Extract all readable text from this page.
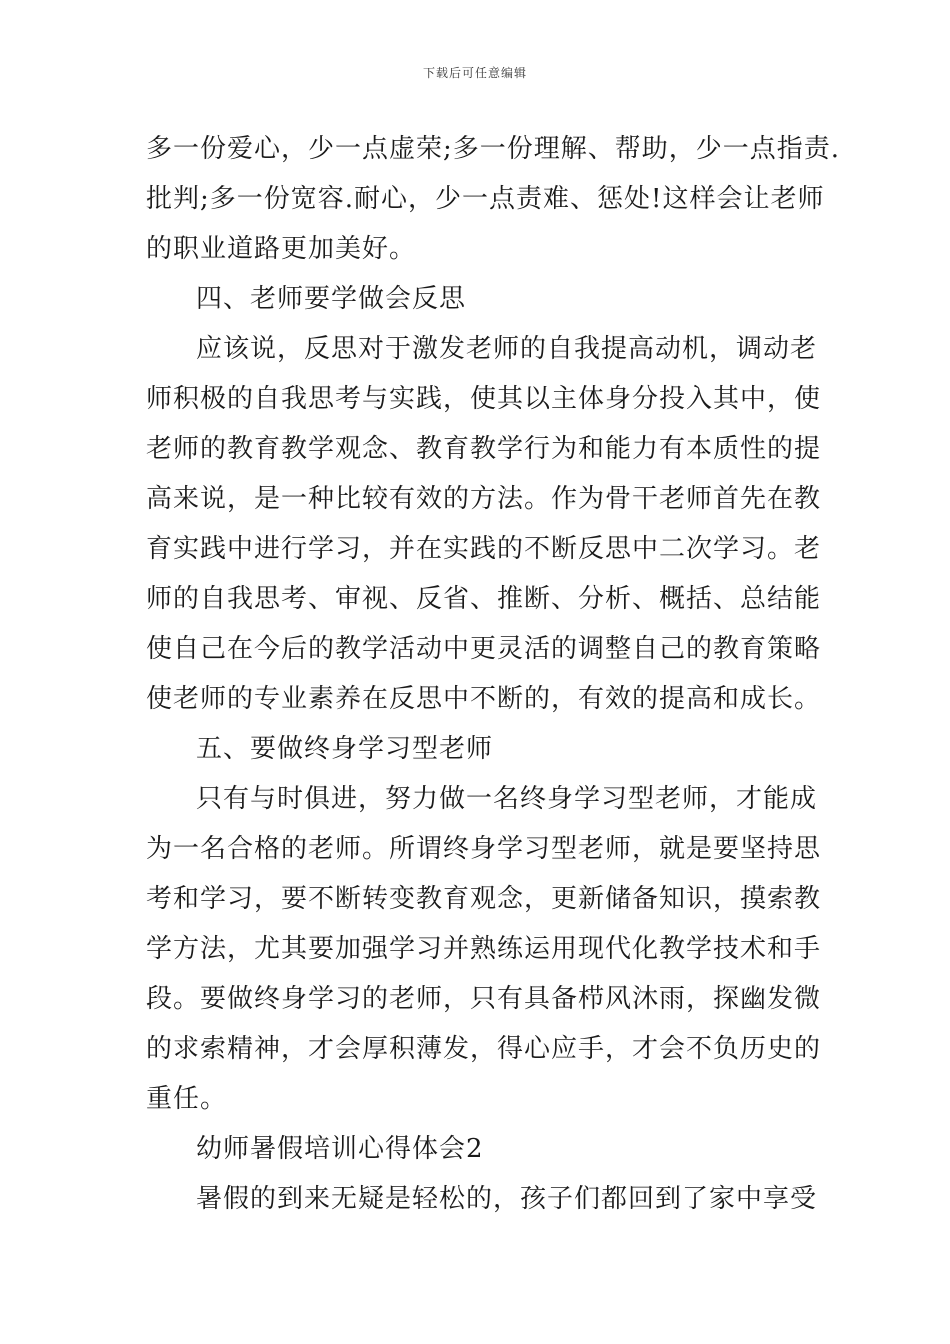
下载后可任意编辑
多一份爱心，少一点虚荣;多一份理解、帮助，少一点指责.
批判;多一份宽容.耐心，少一点责难、惩处!这样会让老师
的职业道路更加美好。
四、老师要学做会反思
应该说，反思对于激发老师的自我提高动机，调动老
师积极的自我思考与实践，使其以主体身分投入其中，使
老师的教育教学观念、教育教学行为和能力有本质性的提
高来说，是一种比较有效的方法。作为骨干老师首先在教
育实践中进行学习，并在实践的不断反思中二次学习。老
师的自我思考、审视、反省、推断、分析、概括、总结能
使自己在今后的教学活动中更灵活的调整自己的教育策略
使老师的专业素养在反思中不断的，有效的提高和成长。
五、要做终身学习型老师
只有与时俱进，努力做一名终身学习型老师，才能成
为一名合格的老师。所谓终身学习型老师，就是要坚持思
考和学习，要不断转变教育观念，更新储备知识，摸索教
学方法，尤其要加强学习并熟练运用现代化教学技术和手
段。要做终身学习的老师，只有具备栉风沐雨，探幽发微
的求索精神，才会厚积薄发，得心应手，才会不负历史的
重任。
幼师暑假培训心得体会2
暑假的到来无疑是轻松的，孩子们都回到了家中享受
